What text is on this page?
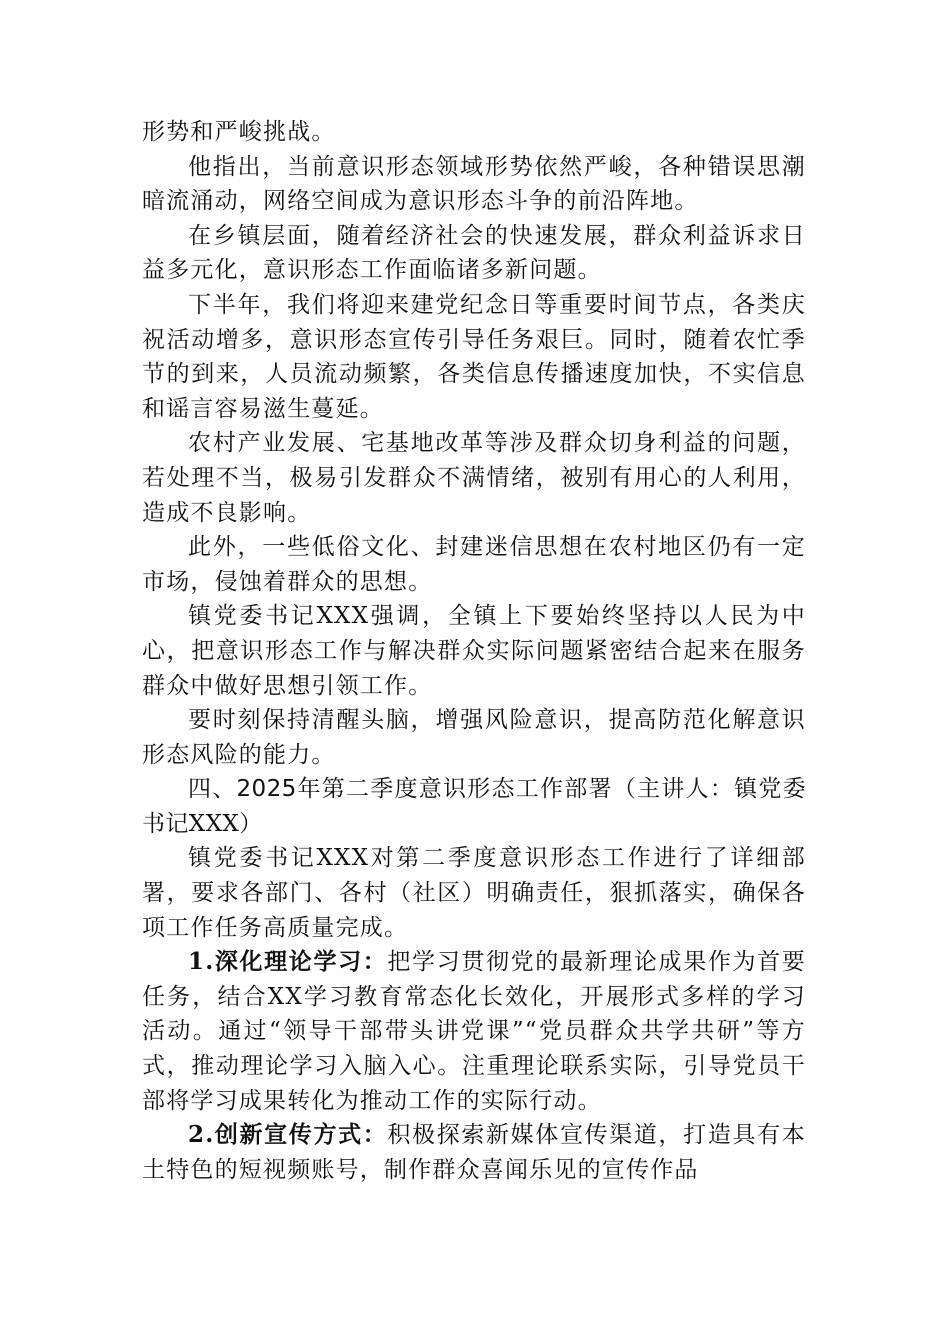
形势和严峻挑战。

他指出，当前意识形态领域形势依然严峻，各种错误思潮暗流涌动，网络空间成为意识形态斗争的前沿阵地。

在乡镇层面，随着经济社会的快速发展，群众利益诉求日益多元化，意识形态工作面临诸多新问题。

下半年，我们将迎来建党纪念日等重要时间节点，各类庆祝活动增多，意识形态宣传引导任务艰巨。同时，随着农忙季节的到来，人员流动频繁，各类信息传播速度加快，不实信息和谣言容易滋生蔓延。

农村产业发展、宅基地改革等涉及群众切身利益的问题，若处理不当，极易引发群众不满情绪，被别有用心的人利用，造成不良影响。

此外，一些低俗文化、封建迷信思想在农村地区仍有一定市场，侵蚀着群众的思想。

镇党委书记XXX强调，全镇上下要始终坚持以人民为中心，把意识形态工作与解决群众实际问题紧密结合起来在服务群众中做好思想引领工作。

要时刻保持清醒头脑，增强风险意识，提高防范化解意识形态风险的能力。

四、2025年第二季度意识形态工作部署（主讲人：镇党委书记XXX）

镇党委书记XXX对第二季度意识形态工作进行了详细部署，要求各部门、各村（社区）明确责任，狠抓落实，确保各项工作任务高质量完成。

1.深化理论学习：把学习贯彻党的最新理论成果作为首要任务，结合XX学习教育常态化长效化，开展形式多样的学习活动。通过“领导干部带头讲党课”“党员群众共学共研”等方式，推动理论学习入脑入心。注重理论联系实际，引导党员干部将学习成果转化为推动工作的实际行动。

2.创新宣传方式：积极探索新媒体宣传渠道，打造具有本土特色的短视频账号，制作群众喜闻乐见的宣传作品
